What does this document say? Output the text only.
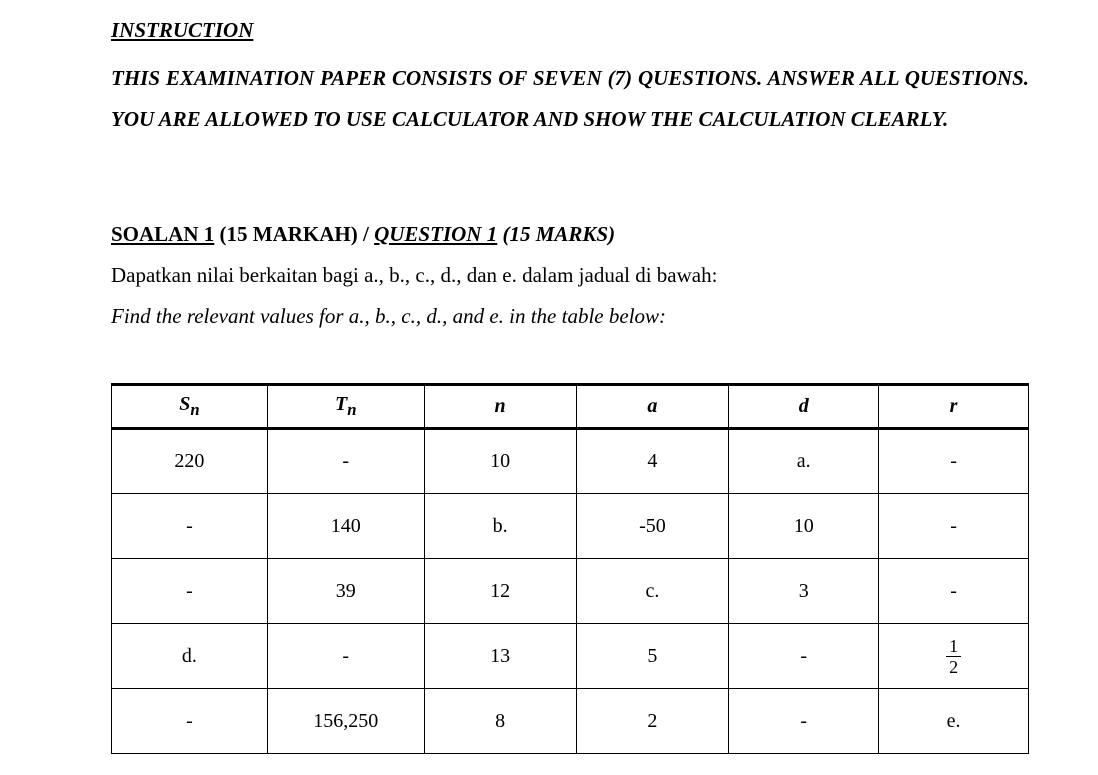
INSTRUCTION

THIS EXAMINATION PAPER CONSISTS OF SEVEN (7) QUESTIONS. ANSWER ALL QUESTIONS. YOU ARE ALLOWED TO USE CALCULATOR AND SHOW THE CALCULATION CLEARLY.

SOALAN 1 (15 MARKAH) / QUESTION 1 (15 MARKS)

Dapatkan nilai berkaitan bagi a., b., c., d., dan e. dalam jadual di bawah:

Find the relevant values for a., b., c., d., and e. in the table below:

$S_n$	$T_n$	n	a	d	r
220	-	10	4	a.	-
-	140	b.	-50	10	-
-	39	12	c.	3	-
d.	-	13	5	-	$\frac{1}{2}$

-	156,250	8	2	-	e.
